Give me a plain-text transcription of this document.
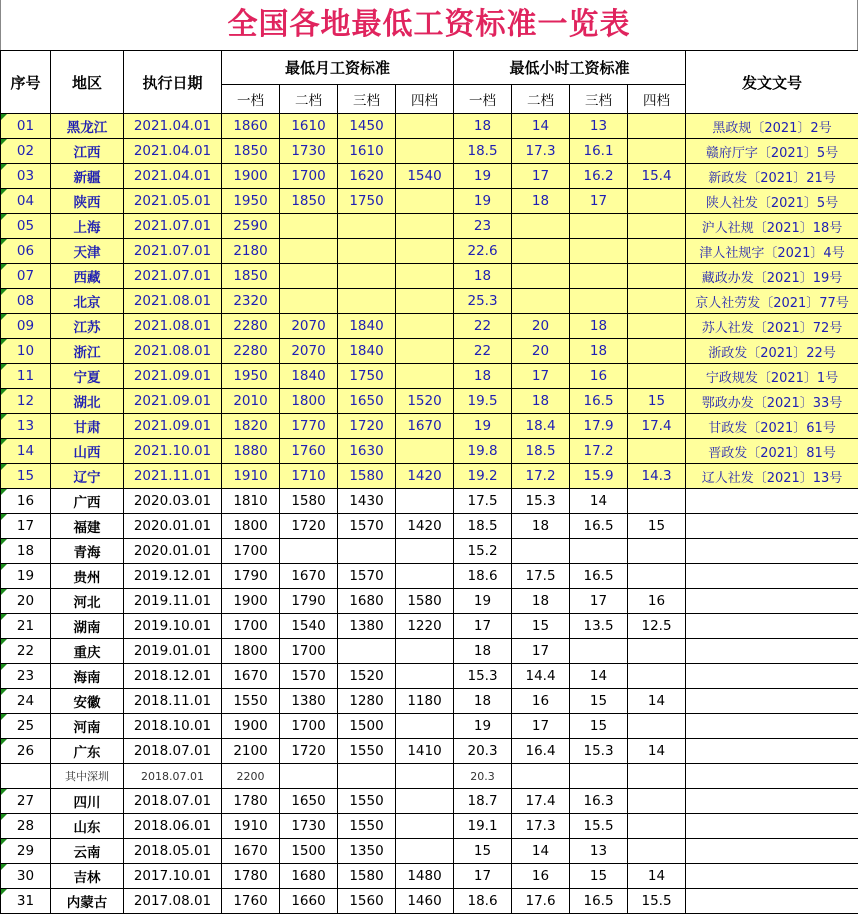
全国各地最低工资标准一览表
序号	地区	执行日期	最低月工资标准				最低小时工资标准				发文文号
			一档	二档	三档	四档	一档	二档	三档	四档	
01	黑龙江	2021.04.01	1860	1610	1450		18	14	13		黑政规〔2021〕2号
02	江西	2021.04.01	1850	1730	1610		18.5	17.3	16.1		赣府厅字〔2021〕5号
03	新疆	2021.04.01	1900	1700	1620	1540	19	17	16.2	15.4	新政发〔2021〕21号
04	陕西	2021.05.01	1950	1850	1750		19	18	17		陕人社发〔2021〕5号
05	上海	2021.07.01	2590				23				沪人社规〔2021〕18号
06	天津	2021.07.01	2180				22.6				津人社规字〔2021〕4号
07	西藏	2021.07.01	1850				18				藏政办发〔2021〕19号
08	北京	2021.08.01	2320				25.3				京人社劳发〔2021〕77号
09	江苏	2021.08.01	2280	2070	1840		22	20	18		苏人社发〔2021〕72号
10	浙江	2021.08.01	2280	2070	1840		22	20	18		浙政发〔2021〕22号
11	宁夏	2021.09.01	1950	1840	1750		18	17	16		宁政规发〔2021〕1号
12	湖北	2021.09.01	2010	1800	1650	1520	19.5	18	16.5	15	鄂政办发〔2021〕33号
13	甘肃	2021.09.01	1820	1770	1720	1670	19	18.4	17.9	17.4	甘政发〔2021〕61号
14	山西	2021.10.01	1880	1760	1630		19.8	18.5	17.2		晋政发〔2021〕81号
15	辽宁	2021.11.01	1910	1710	1580	1420	19.2	17.2	15.9	14.3	辽人社发〔2021〕13号
16	广西	2020.03.01	1810	1580	1430		17.5	15.3	14		
17	福建	2020.01.01	1800	1720	1570	1420	18.5	18	16.5	15	
18	青海	2020.01.01	1700				15.2				
19	贵州	2019.12.01	1790	1670	1570		18.6	17.5	16.5		
20	河北	2019.11.01	1900	1790	1680	1580	19	18	17	16	
21	湖南	2019.10.01	1700	1540	1380	1220	17	15	13.5	12.5	
22	重庆	2019.01.01	1800	1700			18	17			
23	海南	2018.12.01	1670	1570	1520		15.3	14.4	14		
24	安徽	2018.11.01	1550	1380	1280	1180	18	16	15	14	
25	河南	2018.10.01	1900	1700	1500		19	17	15		
26	广东	2018.07.01	2100	1720	1550	1410	20.3	16.4	15.3	14	
	其中深圳	2018.07.01	2200				20.3				
27	四川	2018.07.01	1780	1650	1550		18.7	17.4	16.3		
28	山东	2018.06.01	1910	1730	1550		19.1	17.3	15.5		
29	云南	2018.05.01	1670	1500	1350		15	14	13		
30	吉林	2017.10.01	1780	1680	1580	1480	17	16	15	14	
31	内蒙古	2017.08.01	1760	1660	1560	1460	18.6	17.6	16.5	15.5	
